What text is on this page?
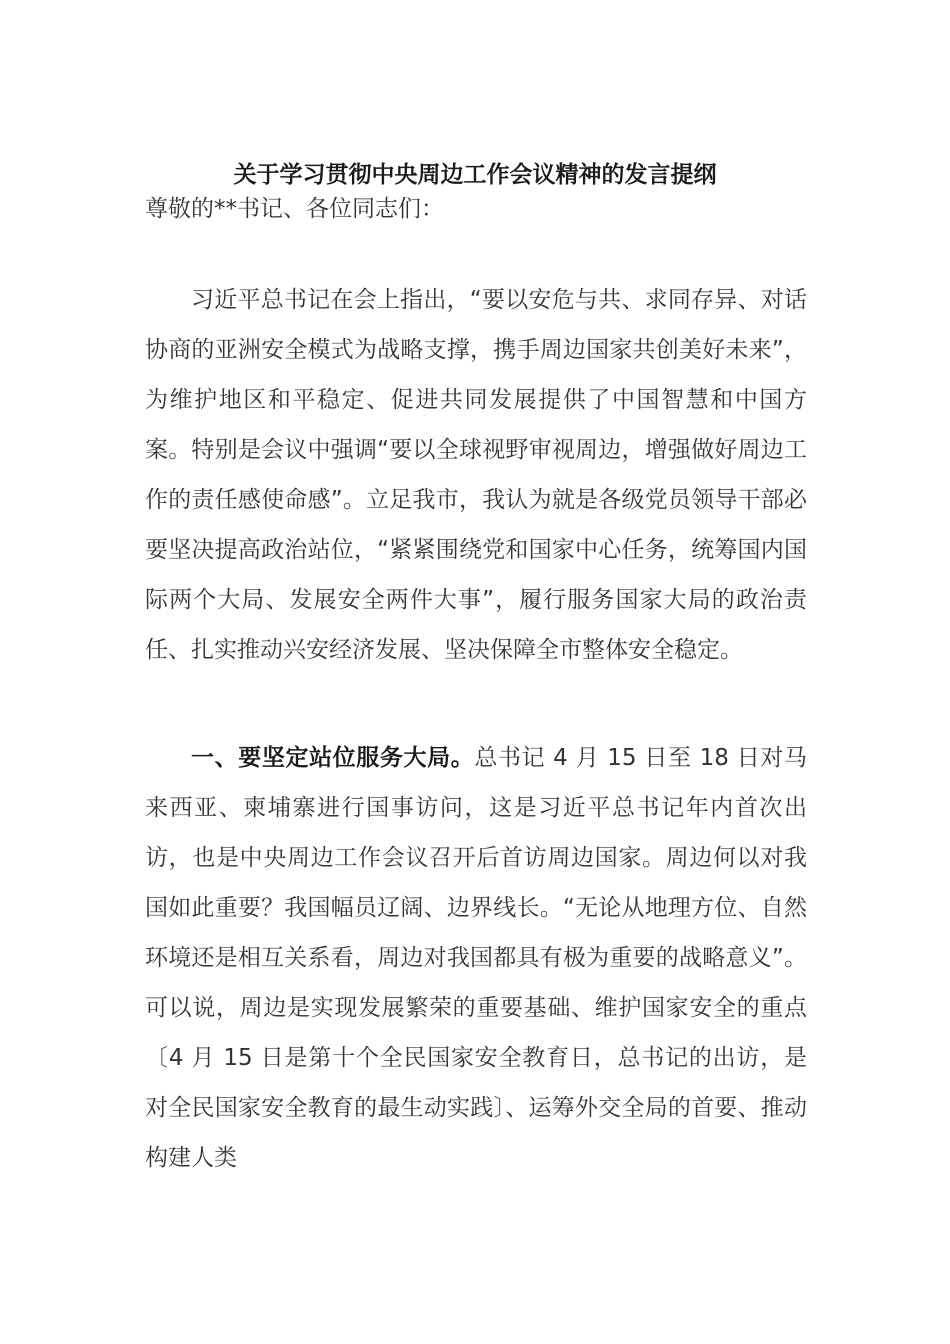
关于学习贯彻中央周边工作会议精神的发言提纲
尊敬的**书记、各位同志们：

习近平总书记在会上指出，“要以安危与共、求同存异、对话协商的亚洲安全模式为战略支撑，携手周边国家共创美好未来”，为维护地区和平稳定、促进共同发展提供了中国智慧和中国方案。特别是会议中强调“要以全球视野审视周边，增强做好周边工作的责任感使命感”。立足我市，我认为就是各级党员领导干部必要坚决提高政治站位，“紧紧围绕党和国家中心任务，统筹国内国际两个大局、发展安全两件大事”，履行服务国家大局的政治责任、扎实推动兴安经济发展、坚决保障全市整体安全稳定。

一、要坚定站位服务大局。总书记 4 月 15 日至 18 日对马来西亚、柬埔寨进行国事访问，这是习近平总书记年内首次出访，也是中央周边工作会议召开后首访周边国家。周边何以对我国如此重要？我国幅员辽阔、边界线长。“无论从地理方位、自然环境还是相互关系看，周边对我国都具有极为重要的战略意义”。可以说，周边是实现发展繁荣的重要基础、维护国家安全的重点〔4 月 15 日是第十个全民国家安全教育日，总书记的出访，是对全民国家安全教育的最生动实践〕、运筹外交全局的首要、推动构建人类
